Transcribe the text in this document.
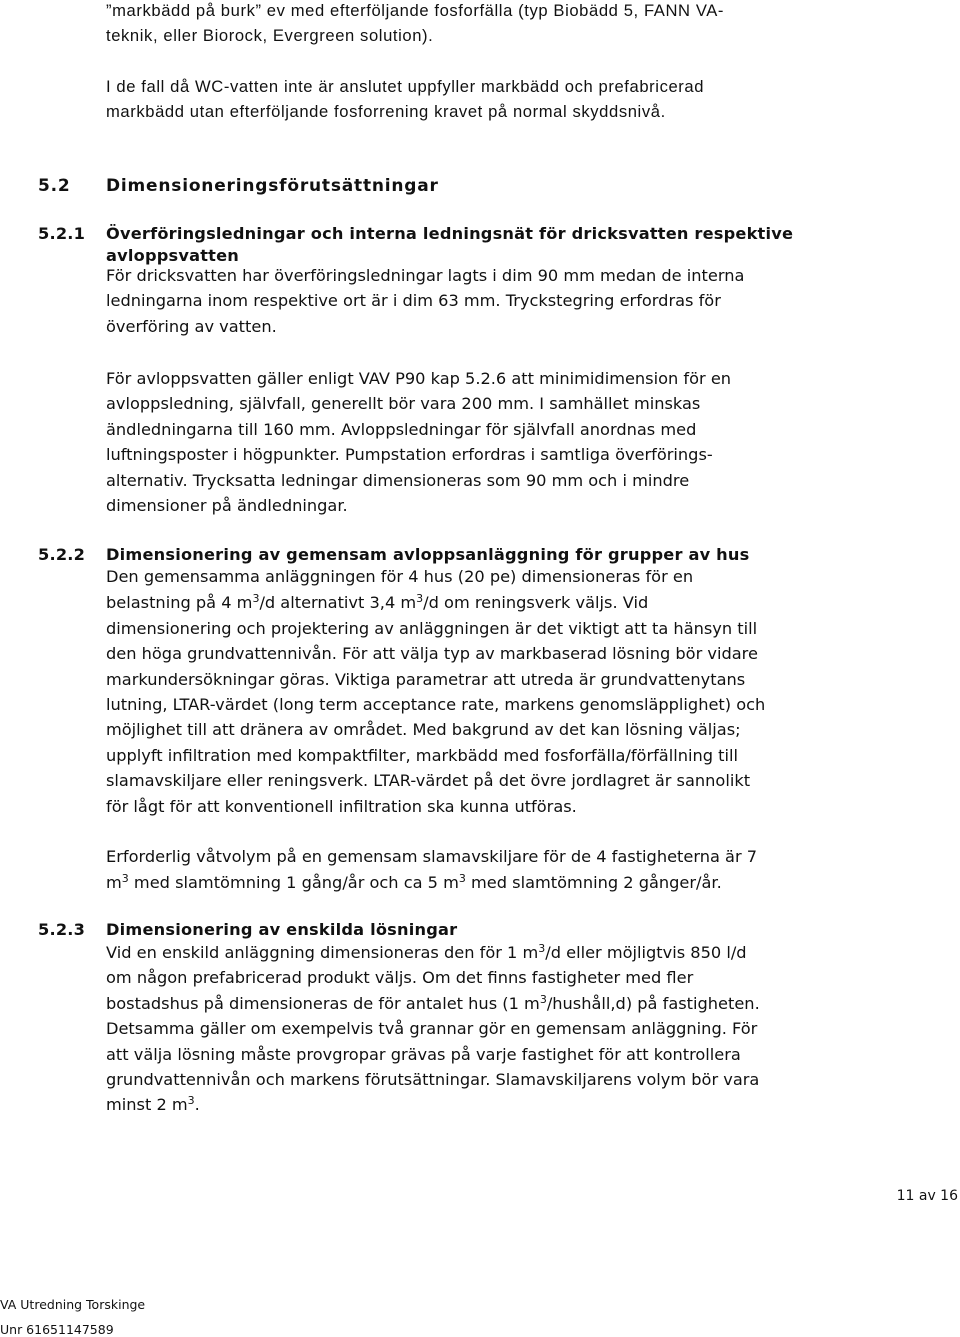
”markbädd på burk” ev med efterföljande fosforfälla (typ Biobädd 5, FANN VA-

teknik, eller Biorock, Evergreen solution).

I de fall då WC-vatten inte är anslutet uppfyller markbädd och prefabricerad

markbädd utan efterföljande fosforrening kravet på normal skyddsnivå.

5.2 Dimensioneringsförutsättningar
5.2.1 Överföringsledningar och interna ledningsnät för dricksvatten respektive

avloppsvatten

För dricksvatten har överföringsledningar lagts i dim 90 mm medan de interna

ledningarna inom respektive ort är i dim 63 mm. Tryckstegring erfordras för

överföring av vatten.

För avloppsvatten gäller enligt VAV P90 kap 5.2.6 att minimidimension för en

avloppsledning, självfall, generellt bör vara 200 mm. I samhället minskas

ändledningarna till 160 mm. Avloppsledningar för självfall anordnas med

luftningsposter i högpunkter. Pumpstation erfordras i samtliga överförings-

alternativ. Trycksatta ledningar dimensioneras som 90 mm och i mindre

dimensioner på ändledningar.

5.2.2 Dimensionering av gemensam avloppsanläggning för grupper av hus

Den gemensamma anläggningen för 4 hus (20 pe) dimensioneras för en

belastning på 4 $m^3/d$ alternativt 3,4 $m^3/d$ om reningsverk väljs. Vid

dimensionering och projektering av anläggningen är det viktigt att ta hänsyn till

den höga grundvattennivån. För att välja typ av markbaserad lösning bör vidare

markundersökningar göras. Viktiga parametrar att utreda är grundvattenytans

lutning, LTAR-värdet (long term acceptance rate, markens genomsläpplighet) och

möjlighet till att dränera av området. Med bakgrund av det kan lösning väljas;

upplyft infiltration med kompaktfilter, markbädd med fosforfälla/förfällning till

slamavskiljare eller reningsverk. LTAR-värdet på det övre jordlagret är sannolikt

för lågt för att konventionell infiltration ska kunna utföras.

Erforderlig våtvolym på en gemensam slamavskiljare för de 4 fastigheterna är 7

$m^3$ med slamtömning 1 gång/år och ca 5 $m^3$ med slamtömning 2 gånger/år.

5.2.3 Dimensionering av enskilda lösningar

Vid en enskild anläggning dimensioneras den för 1 $m^3/d$ eller möjligtvis 850 l/d

om någon prefabricerad produkt väljs. Om det finns fastigheter med fler

bostadshus på dimensioneras de för antalet hus (1 $m^3/hushåll,d$) på fastigheten.

Detsamma gäller om exempelvis två grannar gör en gemensam anläggning. För

att välja lösning måste provgropar grävas på varje fastighet för att kontrollera

grundvattennivån och markens förutsättningar. Slamavskiljarens volym bör vara

minst 2 $m^3$.

11 av 16
VA Utredning Torskinge
Unr 61651147589
